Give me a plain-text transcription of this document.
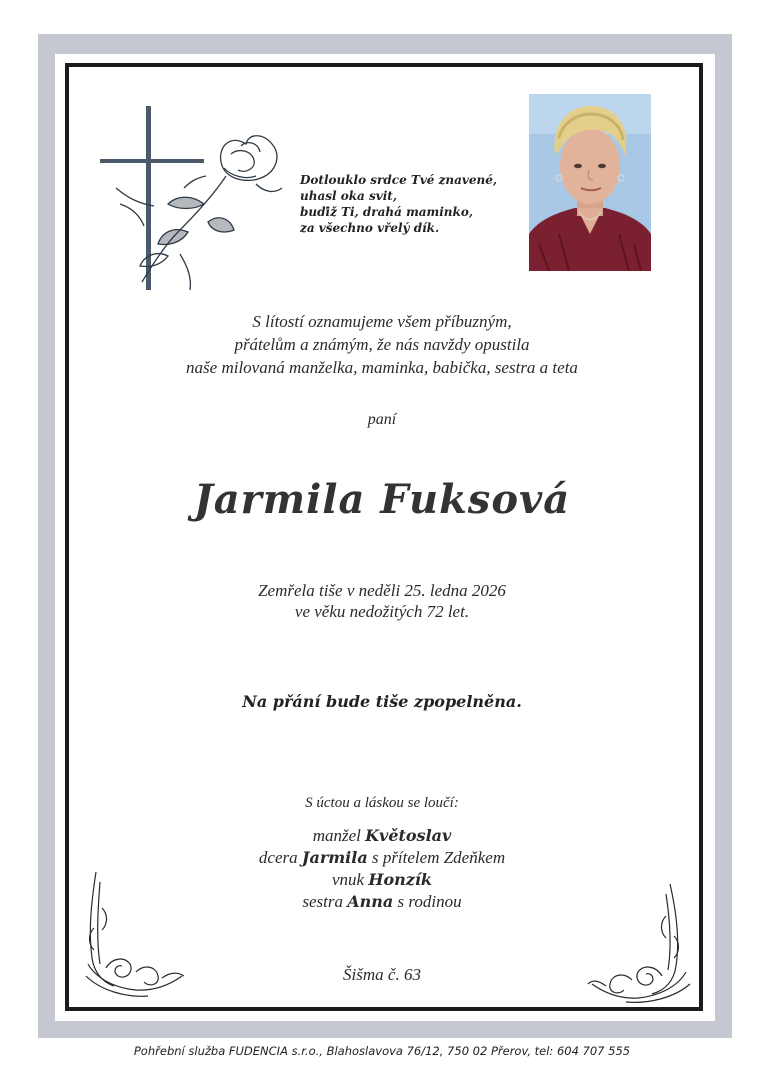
Dotlouklo srdce Tvé znavené,
uhasl oka svit,
buďiž Ti, drahá maminko,
za všechno vřelý dík.
S lítostí oznamujeme všem příbuzným,
přátelům a známým, že nás navždy opustila
naše milovaná manželka, maminka, babička, sestra a teta
paní
Jarmila Fuksová
Zemřela tiše v neděli 25. ledna 2026
ve věku nedožitých 72 let.
Na přání bude tiše zpopelněna.
S úctou a láskou se loučí:
manžel Květoslav
dcera Jarmila s přítelem Zdeňkem
vnuk Honzík
sestra Anna s rodinou
Šišma č. 63
Pohřební služba FUDENCIA s.r.o., Blahoslavova 76/12, 750 02 Přerov, tel: 604 707 555
